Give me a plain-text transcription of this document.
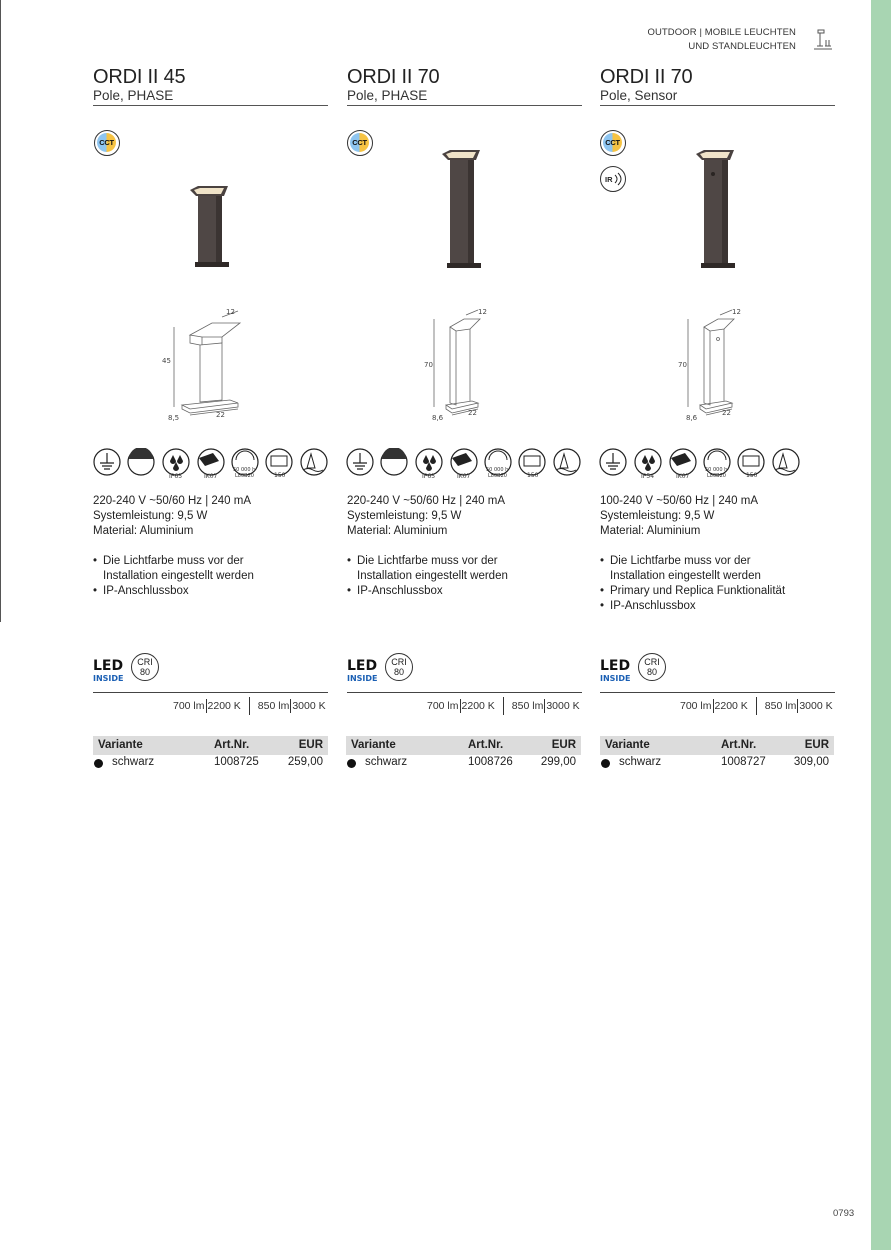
OUTDOOR | MOBILE LEUCHTEN
UND STANDLEUCHTEN
0793
ORDI II 45
Pole, PHASE
CCT
45
12
22
8,5
C,L
IP65	IK07
50 000 h
L80B20	150
220-240 V ~50/60 Hz | 240 mA
Systemleistung: 9,5 W
Material: Aluminium
• Die Lichtfarbe muss vor der Installation eingestellt werden
• IP-Anschlussbox
LED
INSIDE
CRI
80
700 lm 2200 K 850 lm 3000 K
Variante	Art.Nr.	EUR
schwarz	1008725	259,00
ORDI II 70
Pole, PHASE
CCT
70
12
22
8,6
C,L
IP65	IK07
50 000 h
L80B20	150
220-240 V ~50/60 Hz | 240 mA
Systemleistung: 9,5 W
Material: Aluminium
• Die Lichtfarbe muss vor der Installation eingestellt werden
• IP-Anschlussbox
LED
INSIDE
CRI
80
700 lm 2200 K 850 lm 3000 K
Variante	Art.Nr.	EUR
schwarz	1008726 299,00
ORDI II 70
Pole, Sensor
CCT
IR
70
12
22
8,6
IP54	IK07
50 000 h
L80B20	150
100-240 V ~50/60 Hz | 240 mA
Systemleistung: 9,5 W
Material: Aluminium
• Die Lichtfarbe muss vor der Installation eingestellt werden
• Primary und Replica Funktionalität
• IP-Anschlussbox
LED
INSIDE
CRI
80
700 lm 2200 K 850 lm 3000 K
Variante	Art.Nr.	EUR
schwarz	1008727 309,00
